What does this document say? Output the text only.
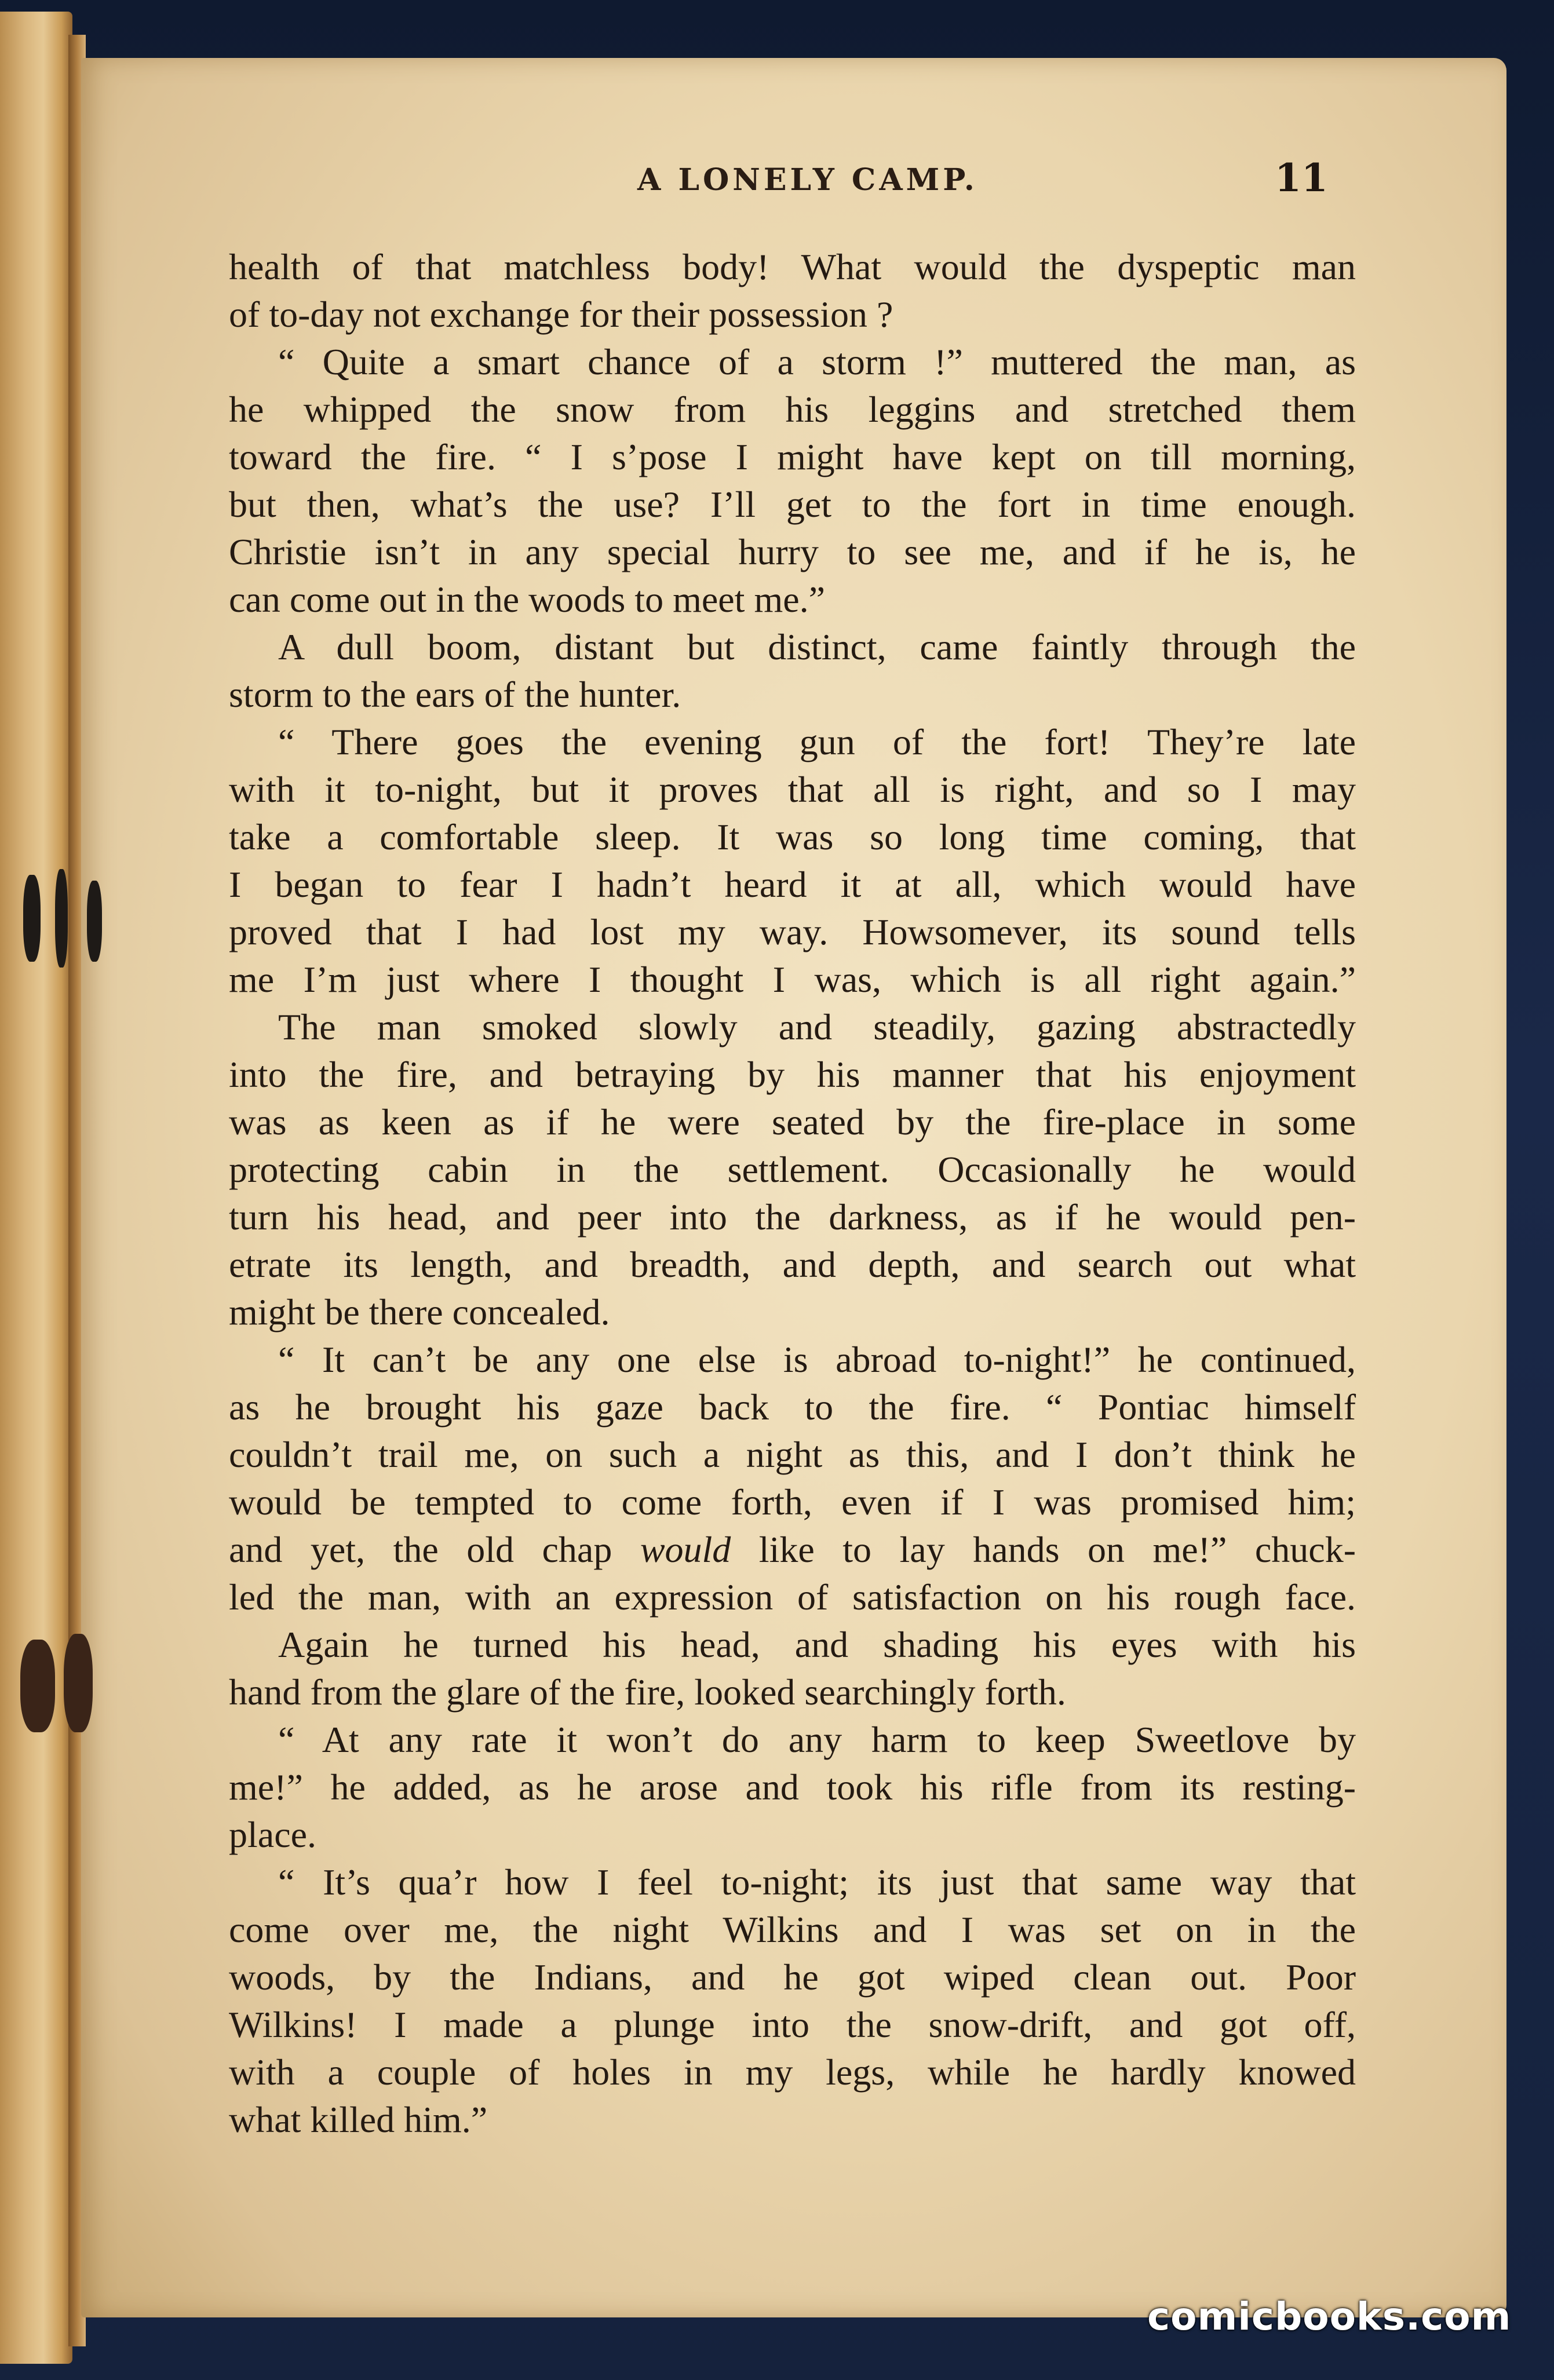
A LONELY CAMP.	11
health of that matchless body! What would the dyspeptic man
of to-day not exchange for their possession ?
“ Quite a smart chance of a storm !” muttered the man, as
he whipped the snow from his leggins and stretched them
toward the fire. “ I s’pose I might have kept on till morning,
but then, what’s the use? I’ll get to the fort in time enough.
Christie isn’t in any special hurry to see me, and if he is, he
can come out in the woods to meet me.”
A dull boom, distant but distinct, came faintly through the
storm to the ears of the hunter.
“ There goes the evening gun of the fort! They’re late
with it to-night, but it proves that all is right, and so I may
take a comfortable sleep. It was so long time coming, that
I began to fear I hadn’t heard it at all, which would have
proved that I had lost my way. Howsomever, its sound tells
me I’m just where I thought I was, which is all right again.”
The man smoked slowly and steadily, gazing abstractedly
into the fire, and betraying by his manner that his enjoyment
was as keen as if he were seated by the fire-place in some
protecting cabin in the settlement. Occasionally he would
turn his head, and peer into the darkness, as if he would pen-
etrate its length, and breadth, and depth, and search out what
might be there concealed.
“ It can’t be any one else is abroad to-night!” he continued,
as he brought his gaze back to the fire. “ Pontiac himself
couldn’t trail me, on such a night as this, and I don’t think he
would be tempted to come forth, even if I was promised him;
and yet, the old chap would like to lay hands on me!” chuck-
led the man, with an expression of satisfaction on his rough face.
Again he turned his head, and shading his eyes with his
hand from the glare of the fire, looked searchingly forth.
“ At any rate it won’t do any harm to keep Sweetlove by
me!” he added, as he arose and took his rifle from its resting-
place.
“ It’s qua’r how I feel to-night; its just that same way that
come over me, the night Wilkins and I was set on in the
woods, by the Indians, and he got wiped clean out. Poor
Wilkins! I made a plunge into the snow-drift, and got off,
with a couple of holes in my legs, while he hardly knowed
what killed him.”
comicbooks.com
